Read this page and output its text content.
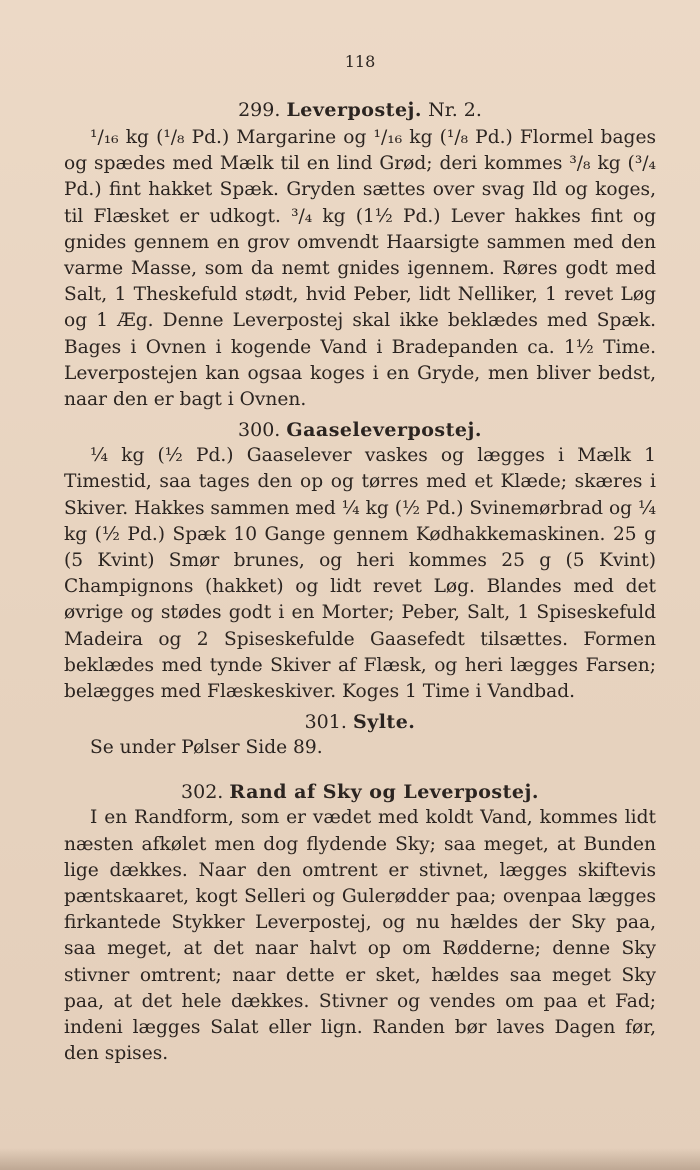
118

299. Leverpostej. Nr. 2.

¹/₁₆ kg (¹/₈ Pd.) Margarine og ¹/₁₆ kg (¹/₈ Pd.) Flormel bages og spædes med Mælk til en lind Grød; deri kommes ³/₈ kg (³/₄ Pd.) fint hakket Spæk. Gryden sættes over svag Ild og koges, til Flæsket er udkogt. ³/₄ kg (1½ Pd.) Lever hakkes fint og gnides gennem en grov omvendt Haarsigte sammen med den varme Masse, som da nemt gnides igennem. Røres godt med Salt, 1 Theskefuld stødt, hvid Peber, lidt Nelliker, 1 revet Løg og 1 Æg. Denne Leverpostej skal ikke beklædes med Spæk. Bages i Ovnen i kogende Vand i Bradepanden ca. 1½ Time. Leverpostejen kan ogsaa koges i en Gryde, men bliver bedst, naar den er bagt i Ovnen.

300. Gaaseleverpostej.

¼ kg (½ Pd.) Gaaselever vaskes og lægges i Mælk 1 Timestid, saa tages den op og tørres med et Klæde; skæres i Skiver. Hakkes sammen med ¼ kg (½ Pd.) Svinemørbrad og ¼ kg (½ Pd.) Spæk 10 Gange gennem Kødhakkemaskinen. 25 g (5 Kvint) Smør brunes, og heri kommes 25 g (5 Kvint) Champignons (hakket) og lidt revet Løg. Blandes med det øvrige og stødes godt i en Morter; Peber, Salt, 1 Spiseskefuld Madeira og 2 Spiseskefulde Gaasefedt tilsættes. Formen beklædes med tynde Skiver af Flæsk, og heri lægges Farsen; belægges med Flæskeskiver. Koges 1 Time i Vandbad.

301. Sylte.

Se under Pølser Side 89.

302. Rand af Sky og Leverpostej.

I en Randform, som er vædet med koldt Vand, kommes lidt næsten afkølet men dog flydende Sky; saa meget, at Bunden lige dækkes. Naar den omtrent er stivnet, lægges skiftevis pæntskaaret, kogt Selleri og Gulerødder paa; ovenpaa lægges firkantede Stykker Leverpostej, og nu hældes der Sky paa, saa meget, at det naar halvt op om Rødderne; denne Sky stivner omtrent; naar dette er sket, hældes saa meget Sky paa, at det hele dækkes. Stivner og vendes om paa et Fad; indeni lægges Salat eller lign. Randen bør laves Dagen før, den spises.
